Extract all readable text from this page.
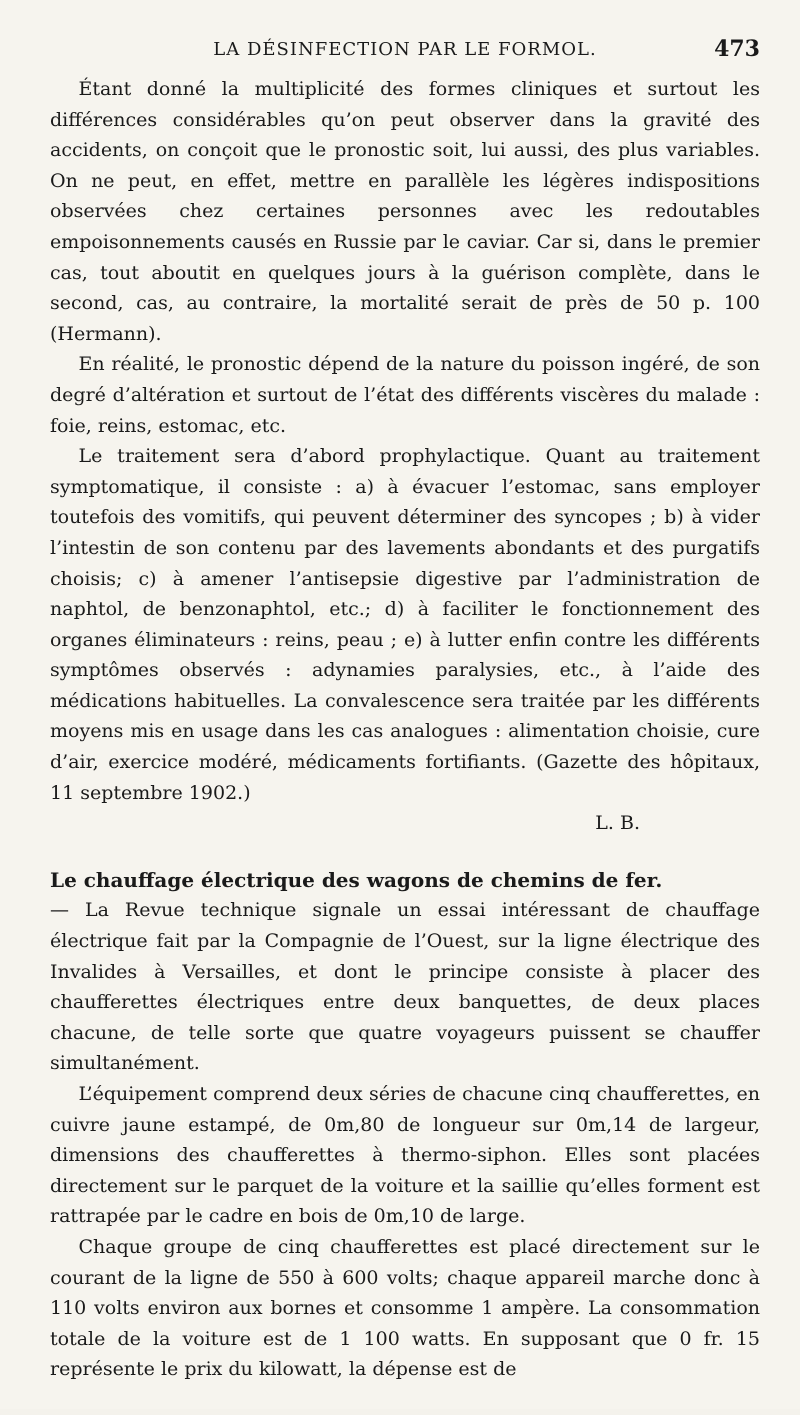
LA DÉSINFECTION PAR LE FORMOL.	473

Étant donné la multiplicité des formes cliniques et surtout les différences considérables qu’on peut observer dans la gravité des accidents, on conçoit que le pronostic soit, lui aussi, des plus variables. On ne peut, en effet, mettre en parallèle les légères indispositions observées chez certaines personnes avec les redoutables empoisonnements causés en Russie par le caviar. Car si, dans le premier cas, tout aboutit en quelques jours à la guérison complète, dans le second, cas, au contraire, la mortalité serait de près de 50 p. 100 (Hermann).

En réalité, le pronostic dépend de la nature du poisson ingéré, de son degré d’altération et surtout de l’état des différents viscères du malade : foie, reins, estomac, etc.

Le traitement sera d’abord prophylactique. Quant au traitement symptomatique, il consiste : a) à évacuer l’estomac, sans employer toutefois des vomitifs, qui peuvent déterminer des syncopes ; b) à vider l’intestin de son contenu par des lavements abondants et des purgatifs choisis; c) à amener l’antisepsie digestive par l’administration de naphtol, de benzonaphtol, etc.; d) à faciliter le fonctionnement des organes éliminateurs : reins, peau ; e) à lutter enfin contre les différents symptômes observés : adynamies paralysies, etc., à l’aide des médications habituelles. La convalescence sera traitée par les différents moyens mis en usage dans les cas analogues : alimentation choisie, cure d’air, exercice modéré, médicaments fortifiants. (Gazette des hôpitaux, 11 septembre 1902.)

L. B.

Le chauffage électrique des wagons de chemins de fer.

— La Revue technique signale un essai intéressant de chauffage électrique fait par la Compagnie de l’Ouest, sur la ligne électrique des Invalides à Versailles, et dont le principe consiste à placer des chaufferettes électriques entre deux banquettes, de deux places chacune, de telle sorte que quatre voyageurs puissent se chauffer simultanément.

L’équipement comprend deux séries de chacune cinq chaufferettes, en cuivre jaune estampé, de 0m,80 de longueur sur 0m,14 de largeur, dimensions des chaufferettes à thermo-siphon. Elles sont placées directement sur le parquet de la voiture et la saillie qu’elles forment est rattrapée par le cadre en bois de 0m,10 de large.

Chaque groupe de cinq chaufferettes est placé directement sur le courant de la ligne de 550 à 600 volts; chaque appareil marche donc à 110 volts environ aux bornes et consomme 1 ampère. La consommation totale de la voiture est de 1 100 watts. En supposant que 0 fr. 15 représente le prix du kilowatt, la dépense est de
